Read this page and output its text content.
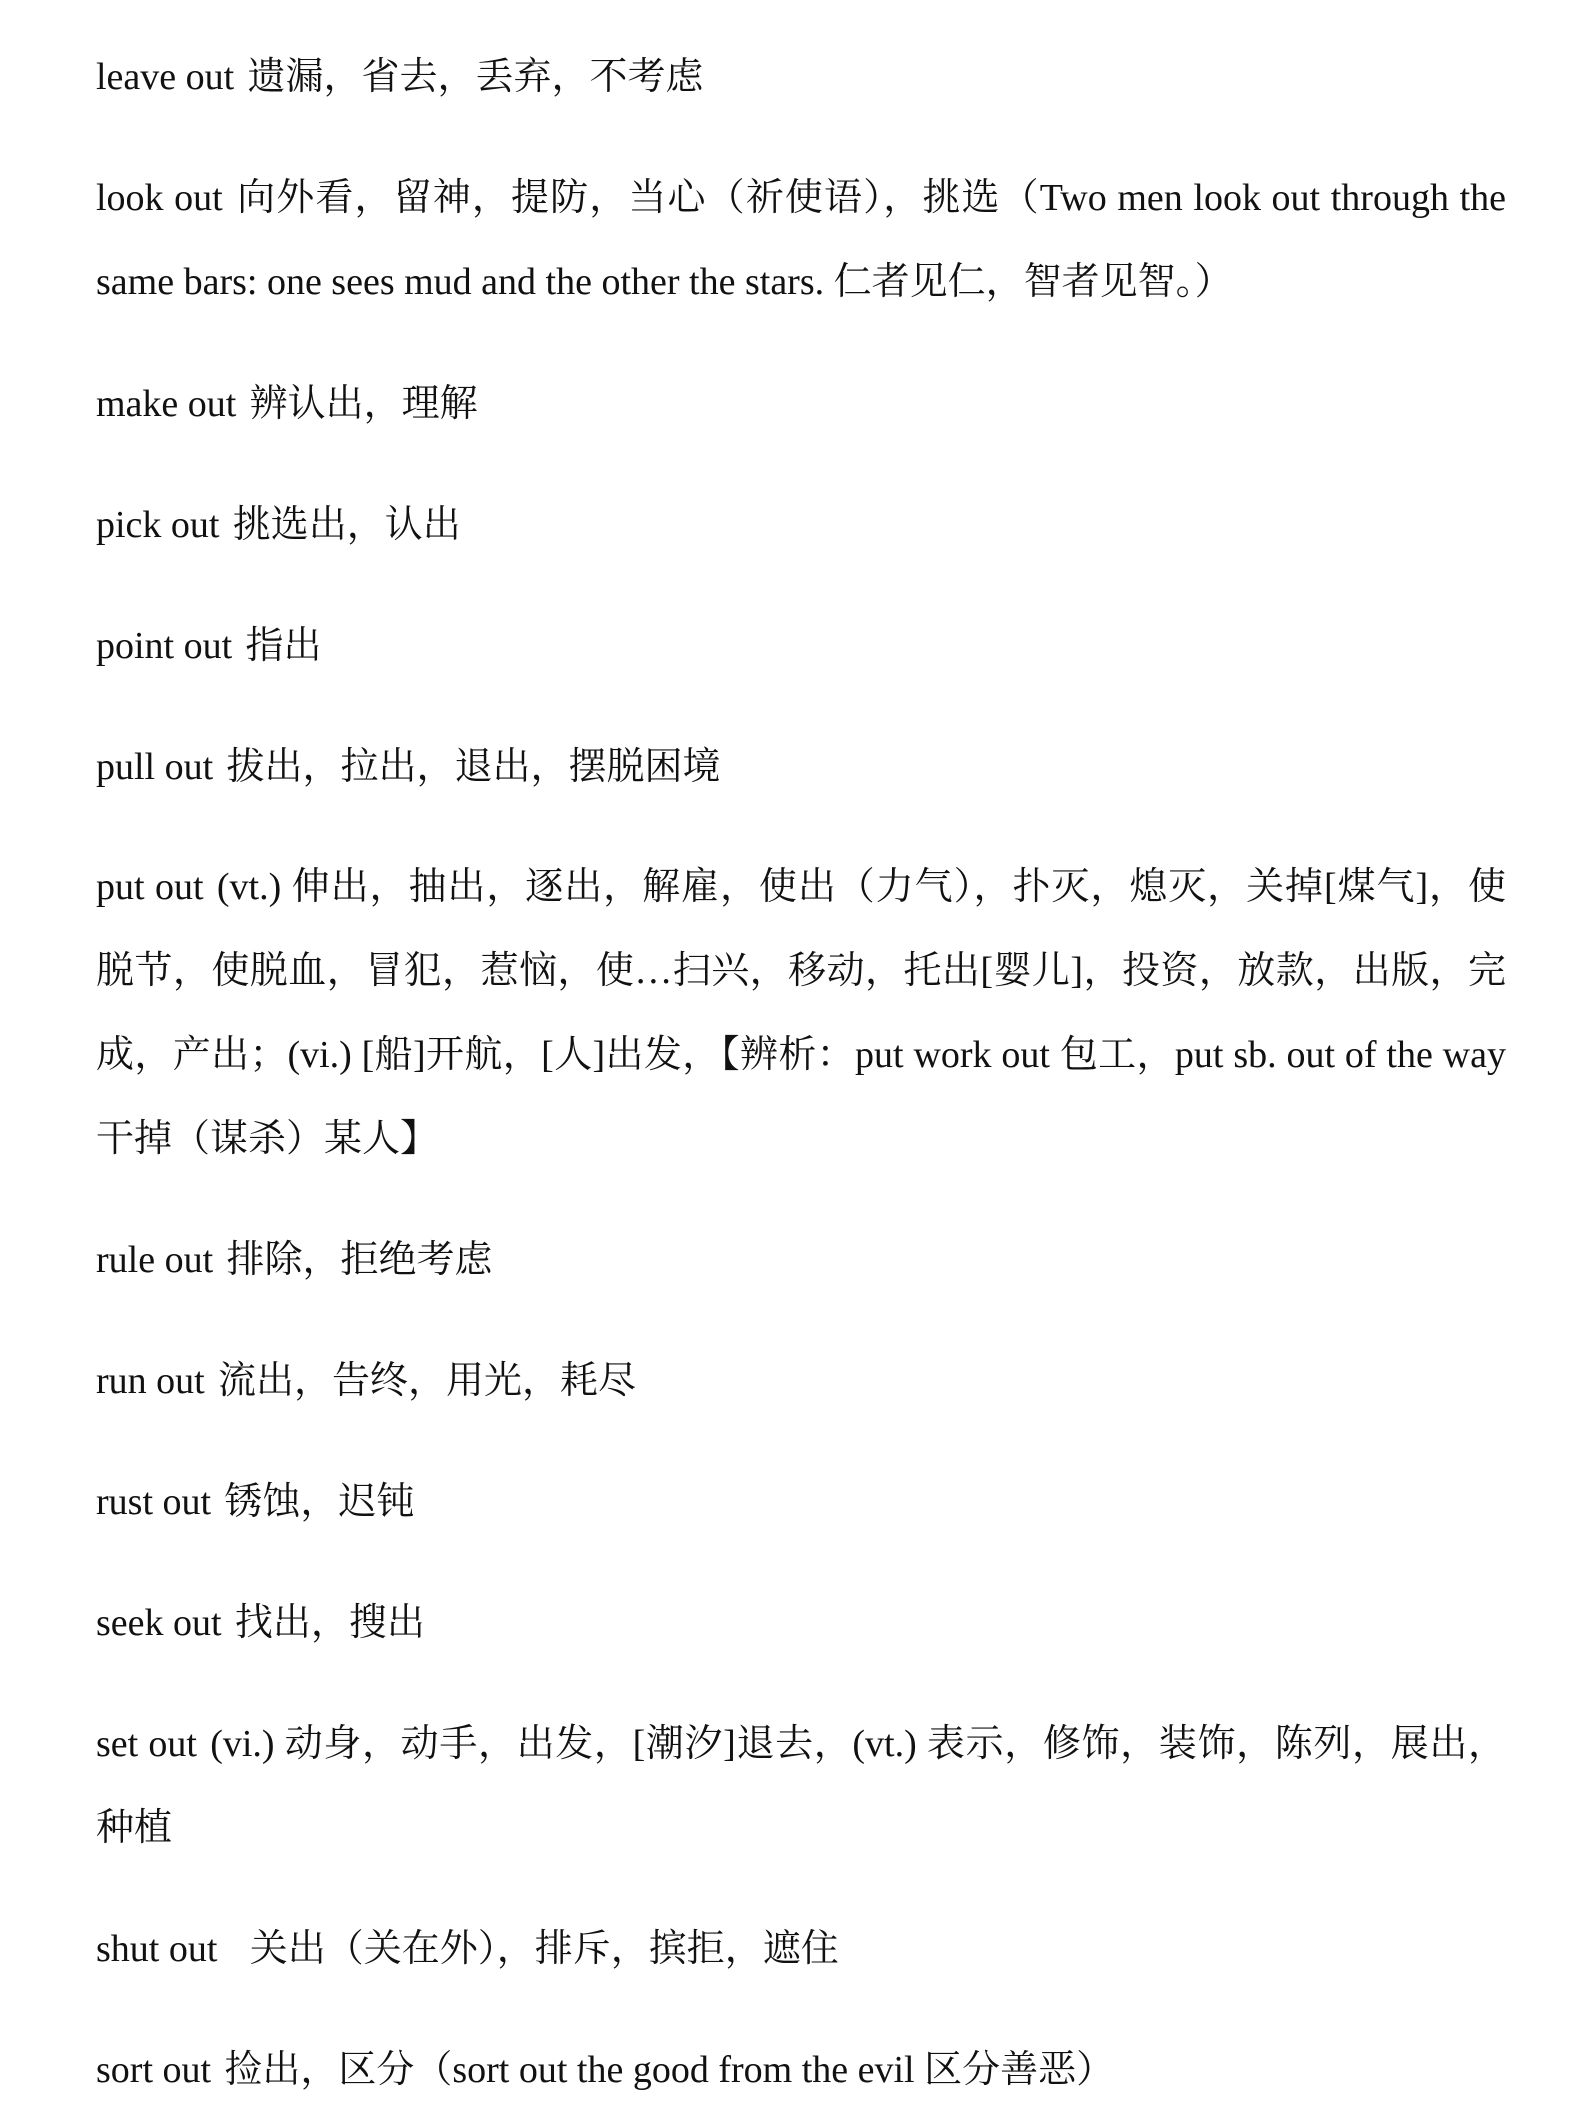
leave out 遗漏，省去，丢弃，不考虑

look out 向外看，留神，提防，当心（祈使语），挑选（Two men look out through the same bars: one sees mud and the other the stars. 仁者见仁，智者见智。）

make out 辨认出，理解

pick out 挑选出，认出

point out 指出

pull out 拔出，拉出，退出，摆脱困境

put out (vt.) 伸出，抽出，逐出，解雇，使出（力气），扑灭，熄灭，关掉[煤气]，使脱节，使脱血，冒犯，惹恼，使…扫兴，移动，托出[婴儿]，投资，放款，出版，完成，产出；(vi.) [船]开航，[人]出发，【辨析：put work out 包工，put sb. out of the way 干掉（谋杀）某人】

rule out 排除，拒绝考虑

run out 流出，告终，用光，耗尽

rust out 锈蚀，迟钝

seek out 找出，搜出

set out (vi.) 动身，动手，出发，[潮汐]退去，(vt.) 表示，修饰，装饰，陈列，展出，种植

shut out  关出（关在外），排斥，摈拒，遮住

sort out 捡出，区分（sort out the good from the evil 区分善恶）
